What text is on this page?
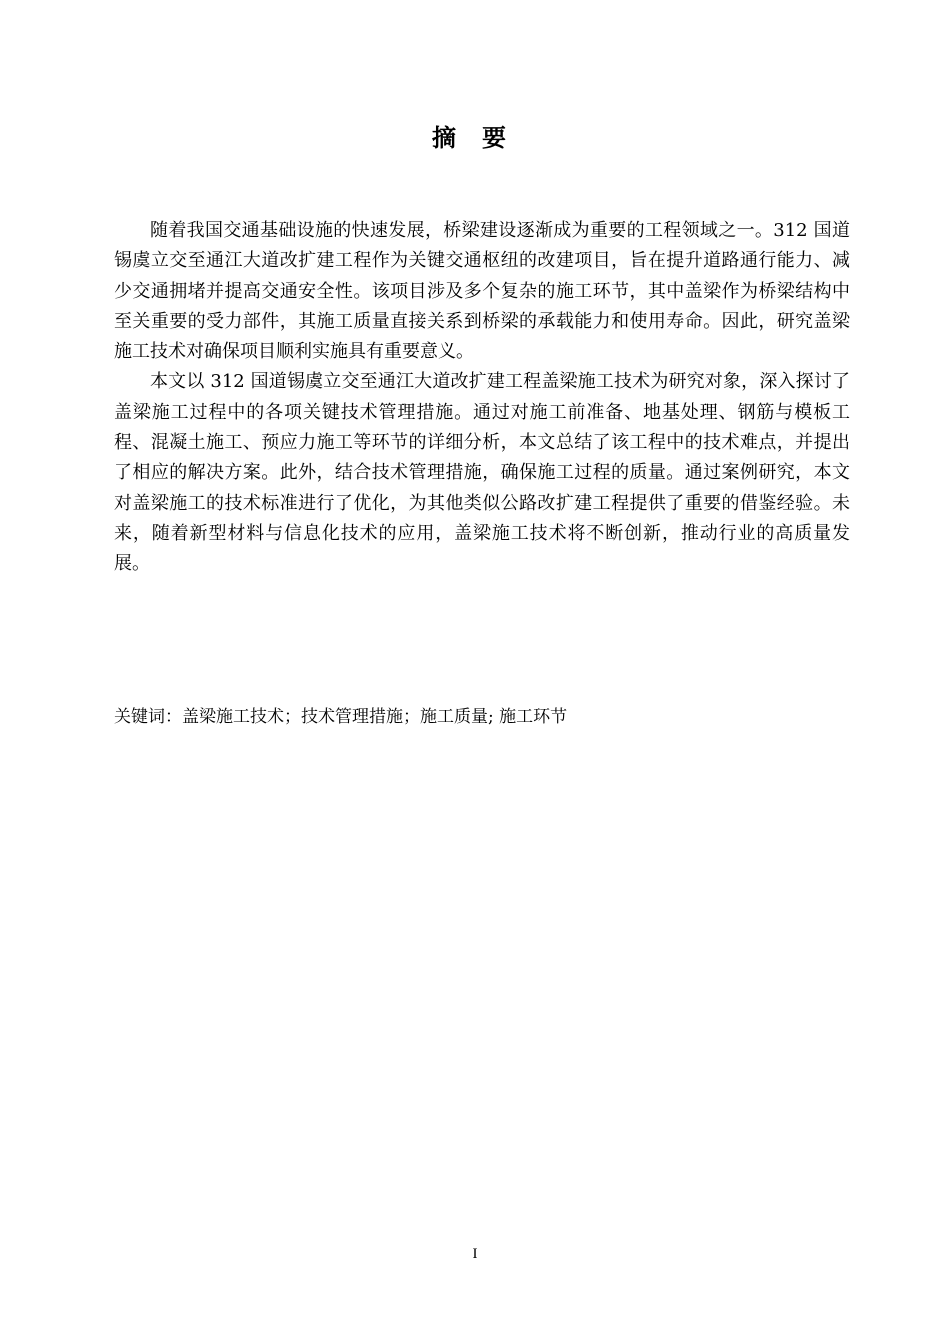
摘要

随着我国交通基础设施的快速发展，桥梁建设逐渐成为重要的工程领域之一。312 国道锡虞立交至通江大道改扩建工程作为关键交通枢纽的改建项目，旨在提升道路通行能力、减少交通拥堵并提高交通安全性。该项目涉及多个复杂的施工环节，其中盖梁作为桥梁结构中至关重要的受力部件，其施工质量直接关系到桥梁的承载能力和使用寿命。因此，研究盖梁施工技术对确保项目顺利实施具有重要意义。

本文以 312 国道锡虞立交至通江大道改扩建工程盖梁施工技术为研究对象，深入探讨了盖梁施工过程中的各项关键技术管理措施。通过对施工前准备、地基处理、钢筋与模板工程、混凝土施工、预应力施工等环节的详细分析，本文总结了该工程中的技术难点，并提出了相应的解决方案。此外，结合技术管理措施，确保施工过程的质量。通过案例研究，本文对盖梁施工的技术标准进行了优化，为其他类似公路改扩建工程提供了重要的借鉴经验。未来，随着新型材料与信息化技术的应用，盖梁施工技术将不断创新，推动行业的高质量发展。

关键词：盖梁施工技术；技术管理措施；施工质量; 施工环节
I
